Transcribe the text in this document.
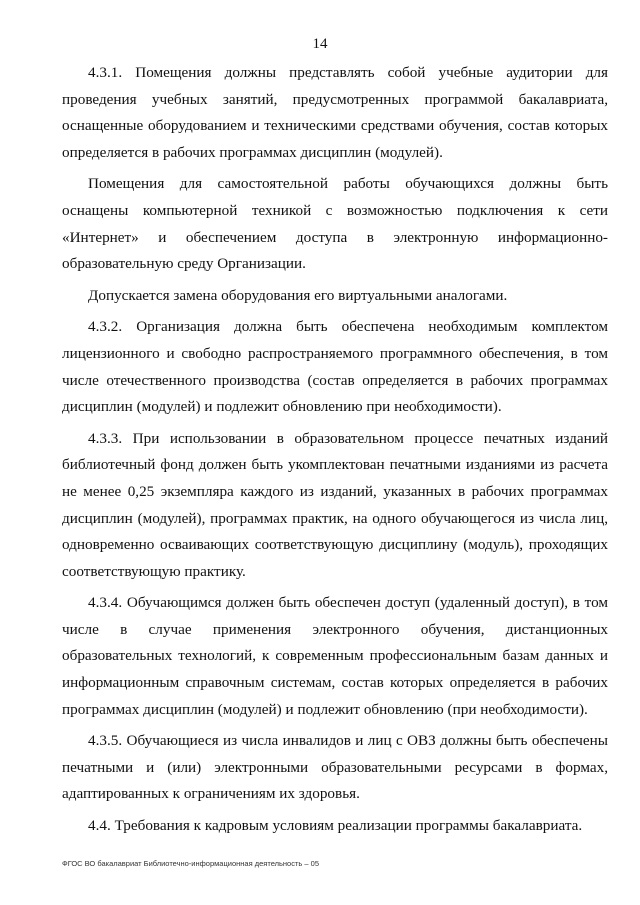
14

4.3.1. Помещения должны представлять собой учебные аудитории для проведения учебных занятий, предусмотренных программой бакалавриата, оснащенные оборудованием и техническими средствами обучения, состав которых определяется в рабочих программах дисциплин (модулей).

Помещения для самостоятельной работы обучающихся должны быть оснащены компьютерной техникой с возможностью подключения к сети «Интернет» и обеспечением доступа в электронную информационно-образовательную среду Организации.

Допускается замена оборудования его виртуальными аналогами.

4.3.2. Организация должна быть обеспечена необходимым комплектом лицензионного и свободно распространяемого программного обеспечения, в том числе отечественного производства (состав определяется в рабочих программах дисциплин (модулей) и подлежит обновлению при необходимости).

4.3.3. При использовании в образовательном процессе печатных изданий библиотечный фонд должен быть укомплектован печатными изданиями из расчета не менее 0,25 экземпляра каждого из изданий, указанных в рабочих программах дисциплин (модулей), программах практик, на одного обучающегося из числа лиц, одновременно осваивающих соответствующую дисциплину (модуль), проходящих соответствующую практику.

4.3.4. Обучающимся должен быть обеспечен доступ (удаленный доступ), в том числе в случае применения электронного обучения, дистанционных образовательных технологий, к современным профессиональным базам данных и информационным справочным системам, состав которых определяется в рабочих программах дисциплин (модулей) и подлежит обновлению (при необходимости).

4.3.5. Обучающиеся из числа инвалидов и лиц с ОВЗ должны быть обеспечены печатными и (или) электронными образовательными ресурсами в формах, адаптированных к ограничениям их здоровья.

4.4. Требования к кадровым условиям реализации программы бакалавриата.

ФГОС ВО бакалавриат Библиотечно-информационная деятельность – 05
